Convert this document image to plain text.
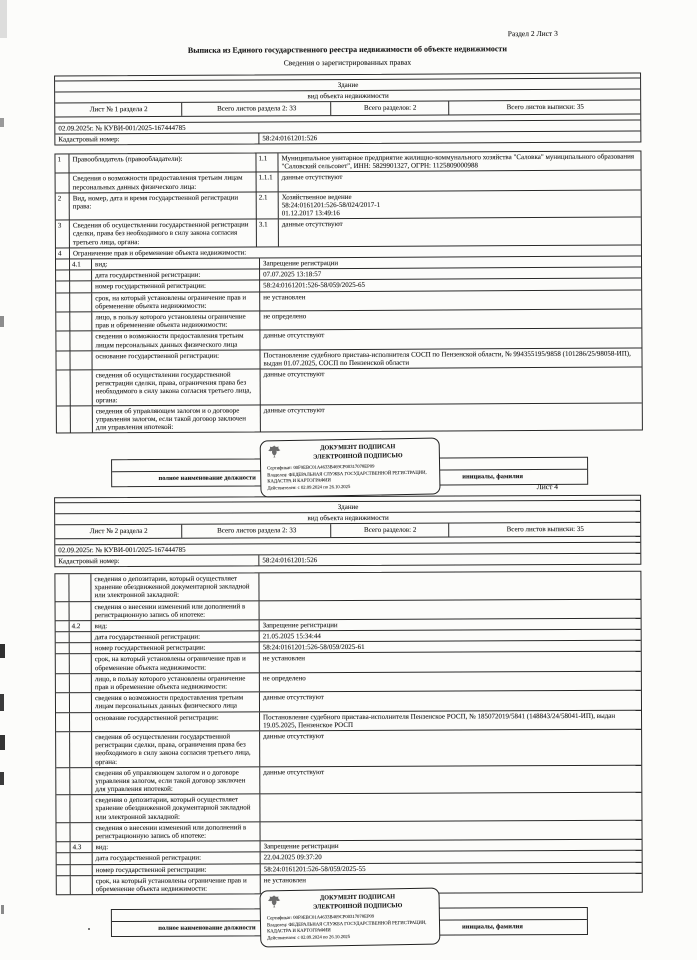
Раздел 2 Лист 3
Выписка из Единого государственного реестра недвижимости об объекте недвижимости
Сведения о зарегистрированных правах
Здание
вид объекта недвижимости
Лист № 1 раздела 2	Всего листов раздела 2: 33	Всего разделов: 2	Всего листов выписки: 35
02.09.2025г. № КУВИ-001/2025-167444785
Кадастровый номер:	58:24:0161201:526
1	Правообладатель (правообладатели):	1.1	Муниципальное унитарное предприятие жилищно-коммунального хозяйства "Саловка" муниципального образования "Саловский сельсовет", ИНН: 5829901327, ОГРН: 1125809000988
Сведения о возможности предоставления третьим лицам персональных данных физического лица:
1.1.1	данные отсутствуют
2	Вид, номер, дата и время государственной регистрации права:
2.1	Хозяйственное ведение
58:24:0161201:526-58/024/2017-1
01.12.2017 13:49:16
3	Сведения об осуществлении государственной регистрации сделки, права без необходимого в силу закона согласия третьего лица, органа:
3.1	данные отсутствуют
4	Ограничение прав и обременение объекта недвижимости:
4.1	вид:	Запрещение регистрации
дата государственной регистрации:	07.07.2025 13:18:57
номер государственной регистрации:	58:24:0161201:526-58/059/2025-65
срок, на который установлены ограничение прав и обременение объекта недвижимости:
не установлен
лицо, в пользу которого установлены ограничение прав и обременение объекта недвижимости:
не определено
сведения о возможности предоставления третьим лицам персональных данных физического лица
данные отсутствуют
основание государственной регистрации:	Постановление судебного пристава-исполнителя СОСП по Пензенской области, № 994355195/9858 (101286/25/98058-ИП), выдан 01.07.2025, СОСП по Пензенской области
сведения об осуществлении государственной регистрации сделки, права, ограничения права без необходимого в силу закона согласия третьего лица, органа:
данные отсутствуют
сведения об управляющем залогом и о договоре управления залогом, если такой договор заключен для управления ипотекой:
данные отсутствуют
полное наименование должности	инициалы, фамилия
ДОКУМЕНТ ПОДПИСАН
ЭЛЕКТРОННОЙ ПОДПИСЬЮ
Сертификат: 00F9ЕВС01А4633В469СР00317078ЕР09
Владелец: ФЕДЕРАЛЬНАЯ СЛУЖБА ГОСУДАРСТВЕННОЙ РЕГИСТРАЦИИ, КАДАСТРА И КАРТОГРАФИИ
Действителен: с 02.09.2024 по 26.10.2025	Лист 4
Здание
вид объекта недвижимости
Лист № 2 раздела 2	Всего листов раздела 2: 33	Всего разделов: 2	Всего листов выписки: 35
02.09.2025г. № КУВИ-001/2025-167444785
Кадастровый номер:	58:24:0161201:526
сведения о депозитарии, который осуществляет хранение обездвиженной документарной закладной или электронной закладной:
сведения о внесении изменений или дополнений в регистрационную запись об ипотеке:
4.2	вид:	Запрещение регистрации
дата государственной регистрации:	21.05.2025 15:34:44
номер государственной регистрации:	58:24:0161201:526-58/059/2025-61
срок, на который установлены ограничение прав и обременение объекта недвижимости:
не установлен
лицо, в пользу которого установлены ограничение прав и обременение объекта недвижимости:
не определено
сведения о возможности предоставления третьим лицам персональных данных физического лица
данные отсутствуют
основание государственной регистрации:	Постановление судебного пристава-исполнителя Пензенское РОСП, № 185072019/5841 (148843/24/58041-ИП), выдан 19.05.2025, Пензенское РОСП
сведения об осуществлении государственной регистрации сделки, права, ограничения права без необходимого в силу закона согласия третьего лица, органа:
данные отсутствуют
сведения об управляющем залогом и о договоре управления залогом, если такой договор заключен для управления ипотекой:
данные отсутствуют
сведения о депозитарии, который осуществляет хранение обездвиженной документарной закладной или электронной закладной:
сведения о внесении изменений или дополнений в регистрационную запись об ипотеке:
4.3	вид:	Запрещение регистрации
дата государственной регистрации:	22.04.2025 09:37:20
номер государственной регистрации:	58:24:0161201:526-58/059/2025-55
срок, на который установлены ограничение прав и обременение объекта недвижимости:
не установлен
полное наименование должности	инициалы, фамилия
ДОКУМЕНТ ПОДПИСАН
ЭЛЕКТРОННОЙ ПОДПИСЬЮ
Сертификат: 00F9ЕВС01А4633В469СР00317078ЕР09
Владелец: ФЕДЕРАЛЬНАЯ СЛУЖБА ГОСУДАРСТВЕННОЙ РЕГИСТРАЦИИ, КАДАСТРА И КАРТОГРАФИИ
Действителен: с 02.09.2024 по 26.10.2025
